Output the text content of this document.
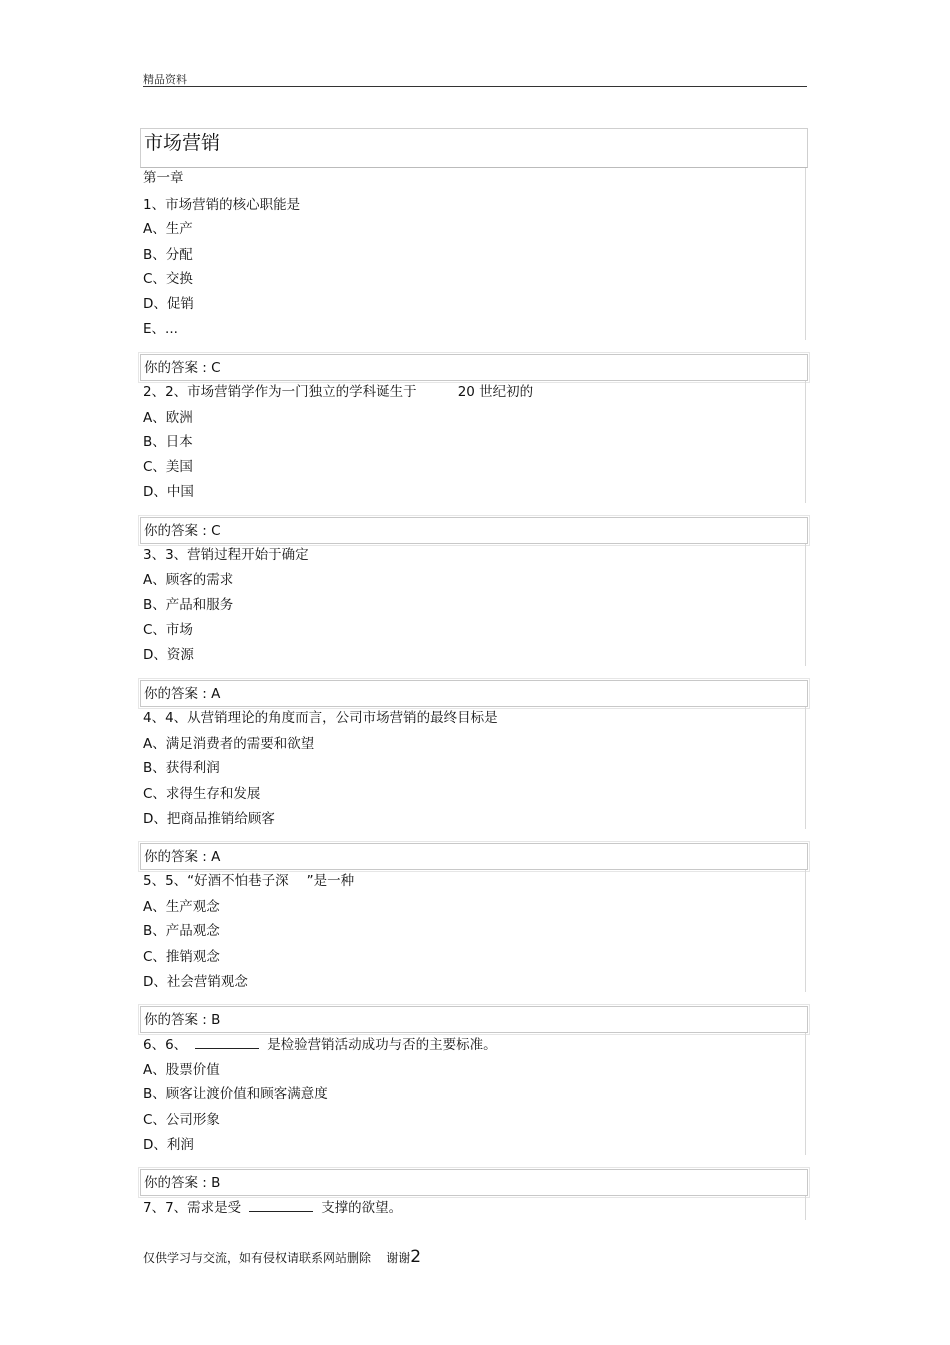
精品资料
市场营销
第一章
1、市场营销的核心职能是
A、生产
B、分配
C、交换
D、促销
E、...
你的答案 : C
2、2、市场营销学作为一门独立的学科诞生于	20 世纪初的
A、欧洲
B、日本
C、美国
D、中国
你的答案 : C
3、3、营销过程开始于确定
A、顾客的需求
B、产品和服务
C、市场
D、资源
你的答案 : A
4、4、从营销理论的角度而言，公司市场营销的最终目标是
A、满足消费者的需要和欲望
B、获得利润
C、求得生存和发展
D、把商品推销给顾客
你的答案 : A
5、5、“好酒不怕巷子深 ”是一种
A、生产观念
B、产品观念
C、推销观念
D、社会营销观念
你的答案 : B
6、6、	是检验营销活动成功与否的主要标准。
A、股票价值
B、顾客让渡价值和顾客满意度
C、公司形象
D、利润
你的答案 : B
7、7、需求是受	支撑的欲望。
仅供学习与交流，如有侵权请联系网站删除    谢谢2
